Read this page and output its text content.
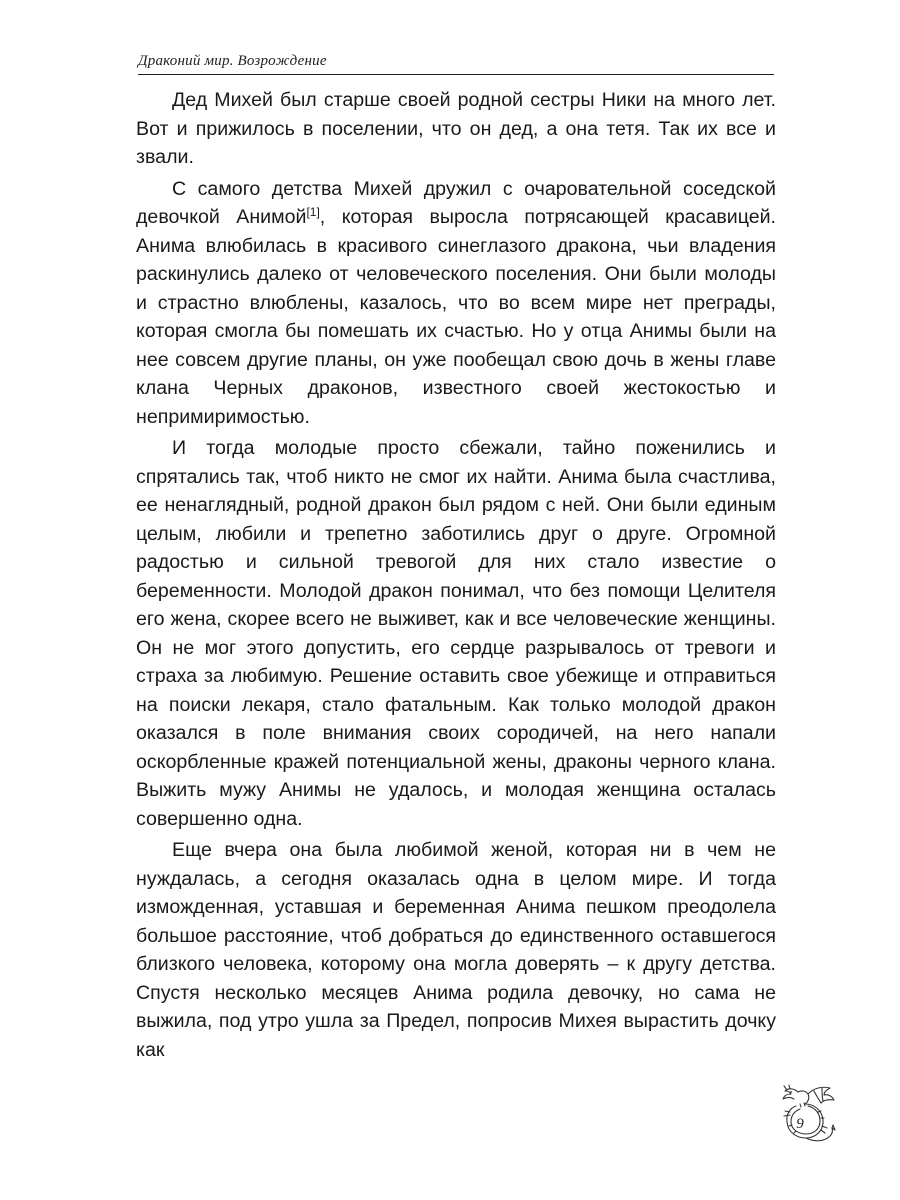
Драконий мир. Возрождение

Дед Михей был старше своей родной сестры Ники на много лет. Вот и прижилось в поселении, что он дед, а она тетя. Так их все и звали.

С самого детства Михей дружил с очаровательной соседской девочкой Анимой[1], которая выросла потрясающей красавицей. Анима влюбилась в красивого синеглазого дракона, чьи владения раскинулись далеко от человеческого поселения. Они были молоды и страстно влюблены, казалось, что во всем мире нет преграды, которая смогла бы помешать их счастью. Но у отца Анимы были на нее совсем другие планы, он уже пообещал свою дочь в жены главе клана Черных драконов, известного своей жестокостью и непримиримостью.

И тогда молодые просто сбежали, тайно поженились и спрятались так, чтоб никто не смог их найти. Анима была счастлива, ее ненаглядный, родной дракон был рядом с ней. Они были единым целым, любили и трепетно заботились друг о друге. Огромной радостью и сильной тревогой для них стало известие о беременности. Молодой дракон понимал, что без помощи Целителя его жена, скорее всего не выживет, как и все человеческие женщины. Он не мог этого допустить, его сердце разрывалось от тревоги и страха за любимую. Решение оставить свое убежище и отправиться на поиски лекаря, стало фатальным. Как только молодой дракон оказался в поле внимания своих сородичей, на него напали оскорбленные кражей потенциальной жены, драконы черного клана. Выжить мужу Анимы не удалось, и молодая женщина осталась совершенно одна.

Еще вчера она была любимой женой, которая ни в чем не нуждалась, а сегодня оказалась одна в целом мире. И тогда изможденная, уставшая и беременная Анима пешком преодолела большое расстояние, чтоб добраться до единственного оставшегося близкого человека, которому она могла доверять – к другу детства. Спустя несколько месяцев Анима родила девочку, но сама не выжила, под утро ушла за Предел, попросив Михея вырастить дочку как

9
